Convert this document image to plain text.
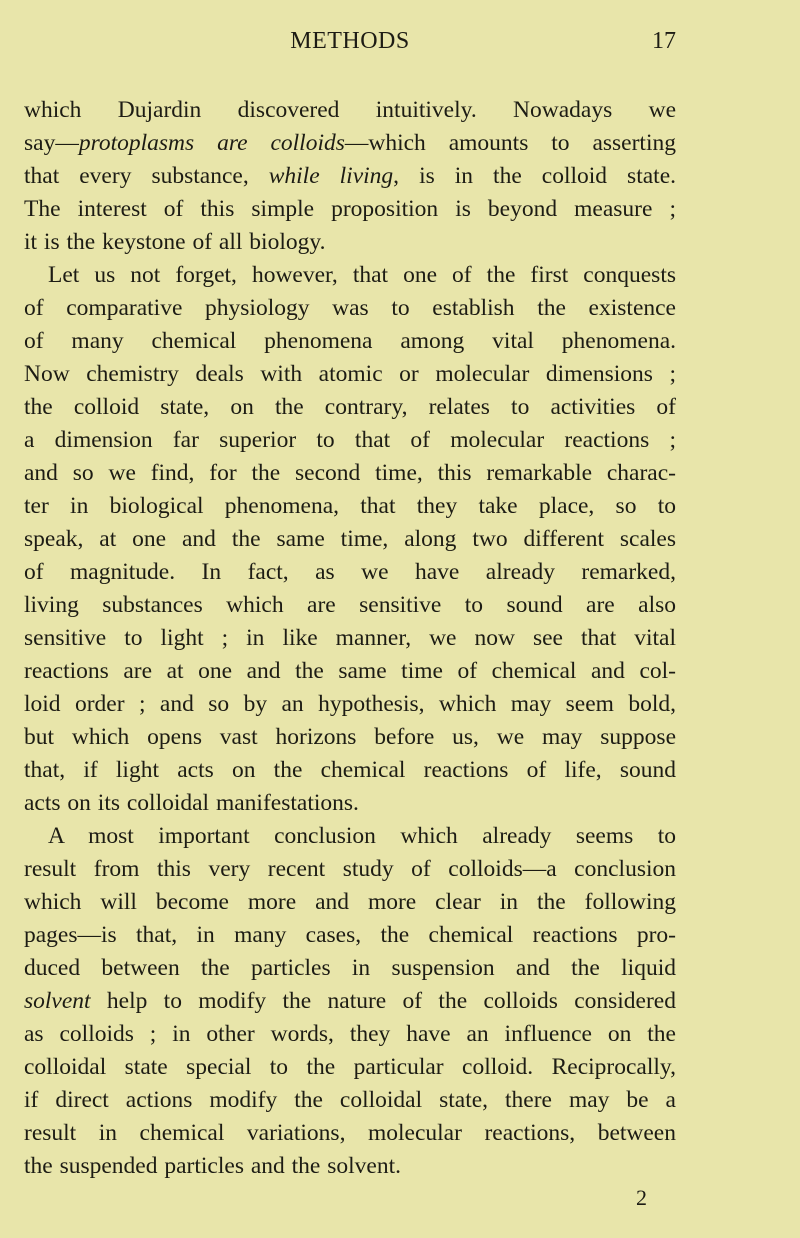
METHODS	17
which Dujardin discovered intuitively. Nowadays we
say—protoplasms are colloids—which amounts to asserting
that every substance, while living, is in the colloid state.
The interest of this simple proposition is beyond measure ;
it is the keystone of all biology.
Let us not forget, however, that one of the first conquests
of comparative physiology was to establish the existence
of many chemical phenomena among vital phenomena.
Now chemistry deals with atomic or molecular dimensions ;
the colloid state, on the contrary, relates to activities of
a dimension far superior to that of molecular reactions ;
and so we find, for the second time, this remarkable charac-
ter in biological phenomena, that they take place, so to
speak, at one and the same time, along two different scales
of magnitude. In fact, as we have already remarked,
living substances which are sensitive to sound are also
sensitive to light ; in like manner, we now see that vital
reactions are at one and the same time of chemical and col-
loid order ; and so by an hypothesis, which may seem bold,
but which opens vast horizons before us, we may suppose
that, if light acts on the chemical reactions of life, sound
acts on its colloidal manifestations.
A most important conclusion which already seems to
result from this very recent study of colloids—a conclusion
which will become more and more clear in the following
pages—is that, in many cases, the chemical reactions pro-
duced between the particles in suspension and the liquid
solvent help to modify the nature of the colloids considered
as colloids ; in other words, they have an influence on the
colloidal state special to the particular colloid. Reciprocally,
if direct actions modify the colloidal state, there may be a
result in chemical variations, molecular reactions, between
the suspended particles and the solvent.
2
